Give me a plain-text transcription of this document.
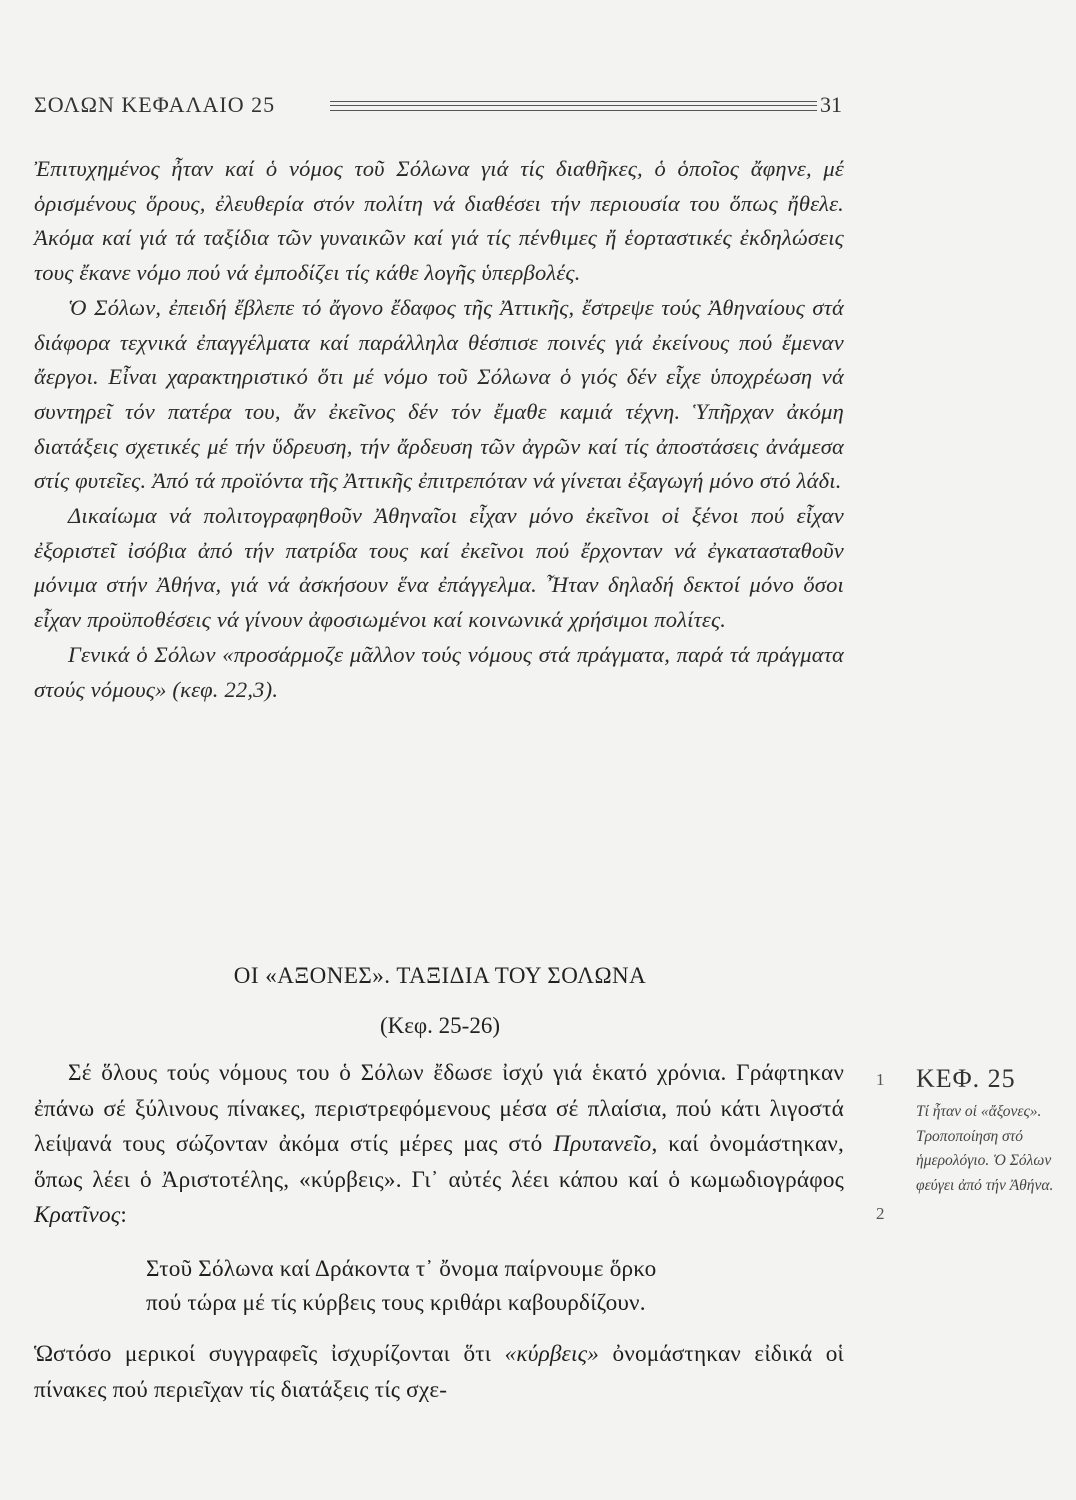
ΣΟΛΩΝ ΚΕΦΑΛΑΙΟ 25	31

Ἐπιτυχημένος ἦταν καί ὁ νόμος τοῦ Σόλωνα γιά τίς διαθῆκες, ὁ ὁποῖος ἄφηνε, μέ ὁρισμένους ὅρους, ἐλευθερία στόν πολίτη νά διαθέσει τήν περιουσία του ὅπως ἤθελε. Ἀκόμα καί γιά τά ταξίδια τῶν γυναικῶν καί γιά τίς πένθιμες ἤ ἑορταστικές ἐκδηλώσεις τους ἔκανε νόμο πού νά ἐμποδίζει τίς κάθε λογῆς ὑπερβολές.

Ὁ Σόλων, ἐπειδή ἔβλεπε τό ἄγονο ἔδαφος τῆς Ἀττικῆς, ἔστρεψε τούς Ἀθηναίους στά διάφορα τεχνικά ἐπαγγέλματα καί παράλληλα θέσπισε ποινές γιά ἐκείνους πού ἔμεναν ἄεργοι. Εἶναι χαρακτηριστικό ὅτι μέ νόμο τοῦ Σόλωνα ὁ γιός δέν εἶχε ὑποχρέωση νά συντηρεῖ τόν πατέρα του, ἄν ἐκεῖνος δέν τόν ἔμαθε καμιά τέχνη. Ὑπῆρχαν ἀκόμη διατάξεις σχετικές μέ τήν ὕδρευση, τήν ἄρδευση τῶν ἀγρῶν καί τίς ἀποστάσεις ἀνάμεσα στίς φυτεῖες. Ἀπό τά προϊόντα τῆς Ἀττικῆς ἐπιτρεπόταν νά γίνεται ἐξαγωγή μόνο στό λάδι.

Δικαίωμα νά πολιτογραφηθοῦν Ἀθηναῖοι εἶχαν μόνο ἐκεῖνοι οἱ ξένοι πού εἶχαν ἐξοριστεῖ ἰσόβια ἀπό τήν πατρίδα τους καί ἐκεῖνοι πού ἔρχονταν νά ἐγκατασταθοῦν μόνιμα στήν Ἀθήνα, γιά νά ἀσκήσουν ἕνα ἐπάγγελμα. Ἦταν δηλαδή δεκτοί μόνο ὅσοι εἶχαν προϋποθέσεις νά γίνουν ἀφοσιωμένοι καί κοινωνικά χρήσιμοι πολίτες.

Γενικά ὁ Σόλων «προσάρμοζε μᾶλλον τούς νόμους στά πράγματα, παρά τά πράγματα στούς νόμους» (κεφ. 22,3).

ΟΙ «ΑΞΟΝΕΣ». ΤΑΞΙΔΙΑ ΤΟΥ ΣΟΛΩΝΑ
(Κεφ. 25-26)

Σέ ὅλους τούς νόμους του ὁ Σόλων ἔδωσε ἰσχύ γιά ἑκατό χρόνια. Γράφτηκαν ἐπάνω σέ ξύλινους πίνακες, περιστρεφόμενους μέσα σέ πλαίσια, πού κάτι λιγοστά λείψανά τους σώζονταν ἀκόμα στίς μέρες μας στό Πρυτανεῖο, καί ὀνομάστηκαν, ὅπως λέει ὁ Ἀριστοτέλης, «κύρβεις». Γι᾽ αὐτές λέει κάπου καί ὁ κωμωδιογράφος Κρατῖνος:

Στοῦ Σόλωνα καί Δράκοντα τ᾽ ὄνομα παίρνουμε ὅρκο
πού τώρα μέ τίς κύρβεις τους κριθάρι καβουρδίζουν.

Ὡστόσο μερικοί συγγραφεῖς ἰσχυρίζονται ὅτι «κύρβεις» ὀνομάστηκαν εἰδικά οἱ πίνακες πού περιεῖχαν τίς διατάξεις τίς σχε-

1
2
ΚΕΦ. 25
Τί ἦταν οἱ «ἄξονες». Τροποποίηση στό ἡμερολόγιο. Ὁ Σόλων φεύγει ἀπό τήν Ἀθήνα.
